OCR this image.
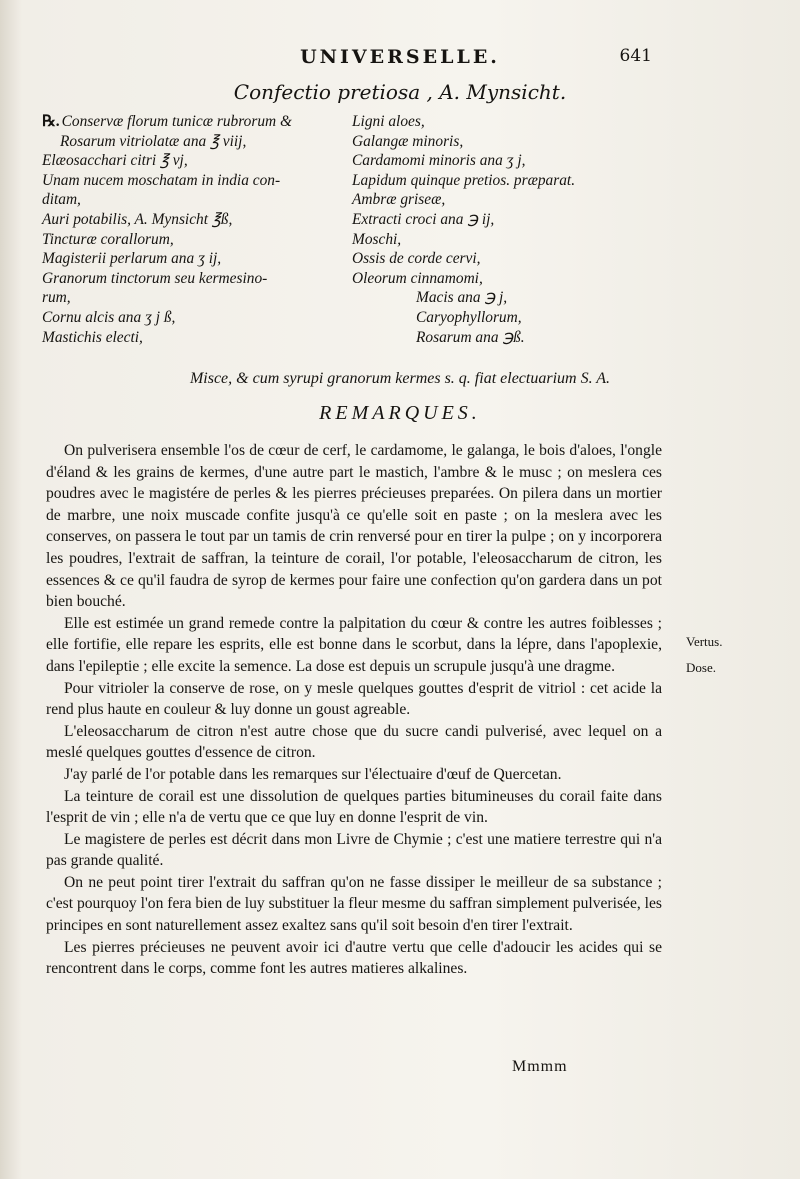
UNIVERSELLE.	641
Confectio pretiosa , A. Mynsicht.
℞. Conservæ florum tunicæ rubrorum &
Rosarum vitriolatæ ana ℥ viij,
Elæosacchari citri ℥ vj,
Unam nucem moschatam in india con-
ditam,
Auri potabilis, A. Mynsicht ℥ß,
Tincturæ corallorum,
Magisterii perlarum ana ʒ ij,
Granorum tinctorum seu kermesino-
rum,
Cornu alcis ana ʒ j ß,
Mastichis electi,
Ligni aloes,
Galangæ minoris,
Cardamomi minoris ana ʒ j,
Lapidum quinque pretios. præparat.
Ambræ griseæ,
Extracti croci ana ℈ ij,
Moschi,
Ossis de corde cervi,
Oleorum cinnamomi,
Macis ana ℈ j,
Caryophyllorum,
Rosarum ana ℈ß.
Misce, & cum syrupi granorum kermes s. q. fiat electuarium S. A.
REMARQUES.

On pulverisera ensemble l'os de cœur de cerf, le cardamome, le galanga, le bois d'aloes, l'ongle d'éland & les grains de kermes, d'une autre part le mastich, l'ambre & le musc ; on meslera ces poudres avec le magistére de perles & les pierres précieuses preparées. On pilera dans un mortier de marbre, une noix muscade confite jusqu'à ce qu'elle soit en paste ; on la meslera avec les conserves, on passera le tout par un tamis de crin renversé pour en tirer la pulpe ; on y incorporera les poudres, l'extrait de saffran, la teinture de corail, l'or potable, l'eleosaccharum de citron, les essences & ce qu'il faudra de syrop de kermes pour faire une confection qu'on gardera dans un pot bien bouché.

Elle est estimée un grand remede contre la palpitation du cœur & contre les autres foiblesses ; elle fortifie, elle repare les esprits, elle est bonne dans le scorbut, dans la lépre, dans l'apoplexie, dans l'epileptie ; elle excite la semence. La dose est depuis un scrupule jusqu'à une dragme.

Pour vitrioler la conserve de rose, on y mesle quelques gouttes d'esprit de vitriol : cet acide la rend plus haute en couleur & luy donne un goust agreable.

L'eleosaccharum de citron n'est autre chose que du sucre candi pulverisé, avec lequel on a meslé quelques gouttes d'essence de citron.

J'ay parlé de l'or potable dans les remarques sur l'électuaire d'œuf de Quercetan.

La teinture de corail est une dissolution de quelques parties bitumineuses du corail faite dans l'esprit de vin ; elle n'a de vertu que ce que luy en donne l'esprit de vin.

Le magistere de perles est décrit dans mon Livre de Chymie ; c'est une matiere terrestre qui n'a pas grande qualité.

On ne peut point tirer l'extrait du saffran qu'on ne fasse dissiper le meilleur de sa substance ; c'est pourquoy l'on fera bien de luy substituer la fleur mesme du saffran simplement pulverisée, les principes en sont naturellement assez exaltez sans qu'il soit besoin d'en tirer l'extrait.

Les pierres précieuses ne peuvent avoir ici d'autre vertu que celle d'adoucir les acides qui se rencontrent dans le corps, comme font les autres matieres alkalines.

Vertus.
Dose.
Mmmm
